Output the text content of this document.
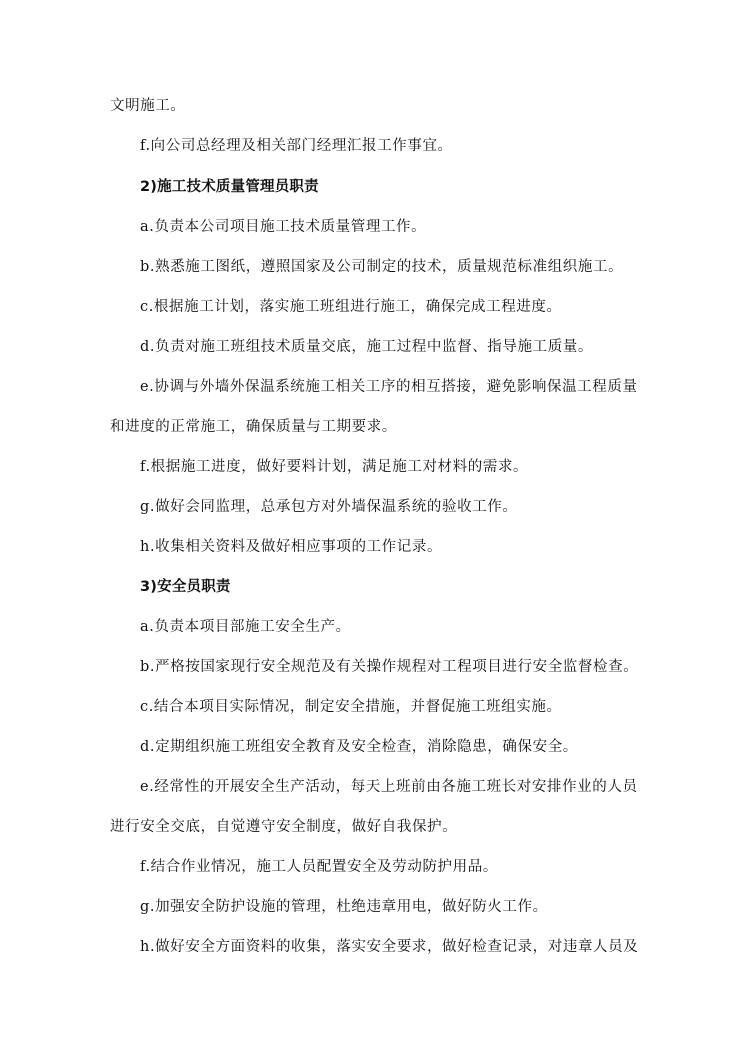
文明施工。
f.向公司总经理及相关部门经理汇报工作事宜。
2)施工技术质量管理员职责
a.负责本公司项目施工技术质量管理工作。
b.熟悉施工图纸，遵照国家及公司制定的技术，质量规范标准组织施工。
c.根据施工计划，落实施工班组进行施工，确保完成工程进度。
d.负责对施工班组技术质量交底，施工过程中监督、指导施工质量。
e.协调与外墙外保温系统施工相关工序的相互搭接，避免影响保温工程质量
和进度的正常施工，确保质量与工期要求。
f.根据施工进度，做好要料计划，满足施工对材料的需求。
g.做好会同监理，总承包方对外墙保温系统的验收工作。
h.收集相关资料及做好相应事项的工作记录。
3)安全员职责
a.负责本项目部施工安全生产。
b.严格按国家现行安全规范及有关操作规程对工程项目进行安全监督检查。
c.结合本项目实际情况，制定安全措施，并督促施工班组实施。
d.定期组织施工班组安全教育及安全检查，消除隐患，确保安全。
e.经常性的开展安全生产活动，每天上班前由各施工班长对安排作业的人员
进行安全交底，自觉遵守安全制度，做好自我保护。
f.结合作业情况，施工人员配置安全及劳动防护用品。
g.加强安全防护设施的管理，杜绝违章用电，做好防火工作。
h.做好安全方面资料的收集，落实安全要求，做好检查记录，对违章人员及
